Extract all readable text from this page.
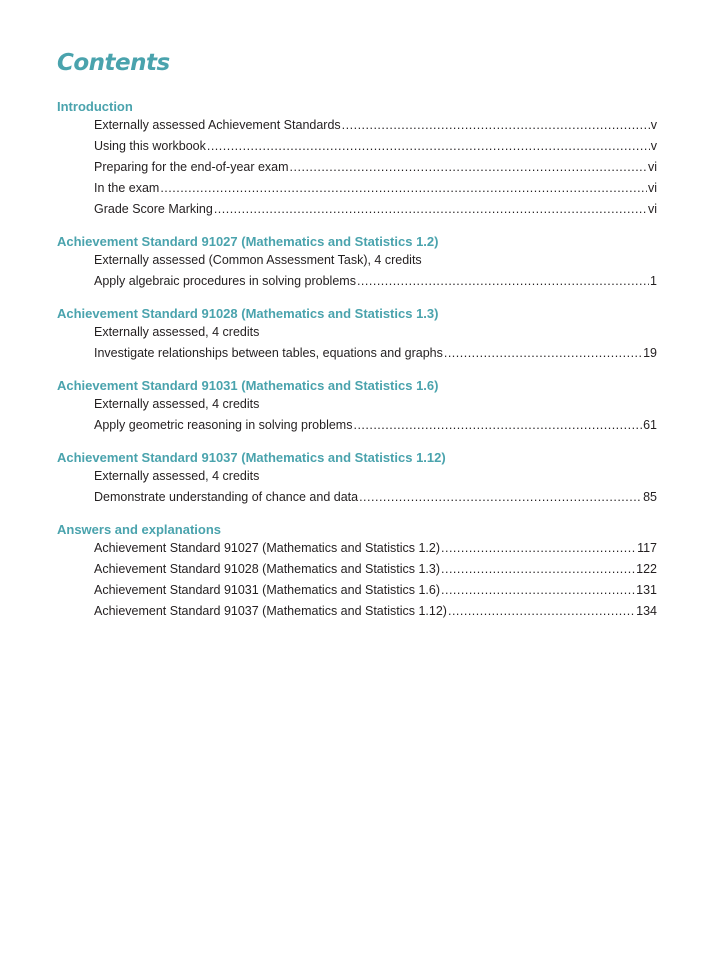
Contents
Introduction
Externally assessed Achievement Standards .....	v
Using this workbook .....	v
Preparing for the end-of-year exam .....	vi
In the exam .....	vi
Grade Score Marking .....	vi
Achievement Standard 91027 (Mathematics and Statistics 1.2)
Externally assessed (Common Assessment Task), 4 credits
Apply algebraic procedures in solving problems .....	1
Achievement Standard 91028 (Mathematics and Statistics 1.3)
Externally assessed, 4 credits
Investigate relationships between tables, equations and graphs .....	19
Achievement Standard 91031 (Mathematics and Statistics 1.6)
Externally assessed, 4 credits
Apply geometric reasoning in solving problems .....	61
Achievement Standard 91037 (Mathematics and Statistics 1.12)
Externally assessed, 4 credits
Demonstrate understanding of chance and data .....	85
Answers and explanations
Achievement Standard 91027 (Mathematics and Statistics 1.2) .....	117
Achievement Standard 91028 (Mathematics and Statistics 1.3) .....	122
Achievement Standard 91031 (Mathematics and Statistics 1.6) .....	131
Achievement Standard 91037 (Mathematics and Statistics 1.12) .....	134
